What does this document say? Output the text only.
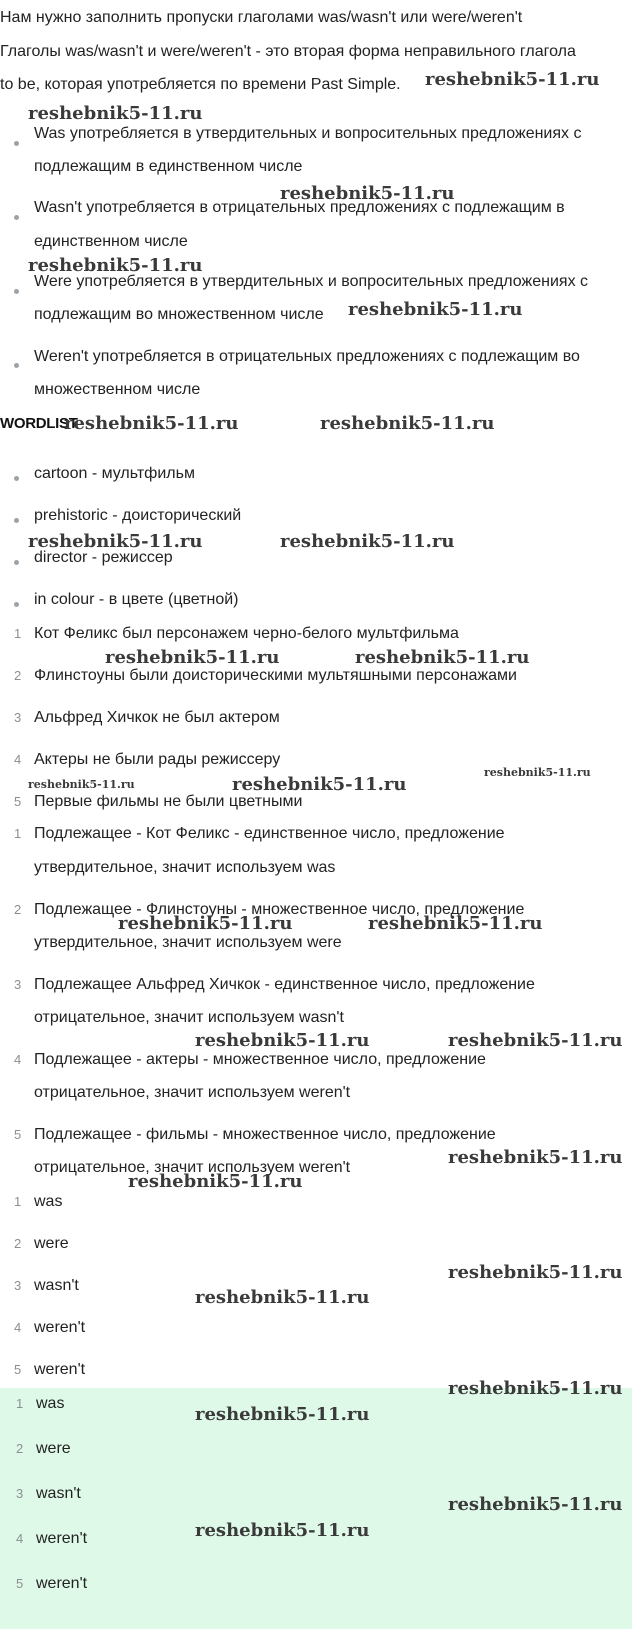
Нам нужно заполнить пропуски глаголами was/wasn't или were/weren't
Глаголы was/wasn't и were/weren't - это вторая форма неправильного глагола
to be, которая употребляется по времени Past Simple.
Was употребляется в утвердительных и вопросительных предложениях с
подлежащим в единственном числе
Wasn't употребляется в отрицательных предложениях с подлежащим в
единственном числе
Were употребляется в утвердительных и вопросительных предложениях с
подлежащим во множественном числе
Weren't употребляется в отрицательных предложениях с подлежащим во
множественном числе
WORDLIST
cartoon - мультфильм
prehistoric - доисторический
director - режиссер
in colour - в цвете (цветной)
1 Кот Феликс был персонажем черно-белого мультфильма
2 Флинстоуны были доисторическими мультяшными персонажами
3 Альфред Хичкок не был актером
4 Актеры не были рады режиссеру
5 Первые фильмы не были цветными
1 Подлежащее - Кот Феликс - единственное число, предложение
утвердительное, значит используем was
2 Подлежащее - Флинстоуны - множественное число, предложение
утвердительное, значит используем were
3 Подлежащее Альфред Хичкок - единственное число, предложение
отрицательное, значит используем wasn't
4 Подлежащее - актеры - множественное число, предложение
отрицательное, значит используем weren't
5 Подлежащее - фильмы - множественное число, предложение
отрицательное, значит используем weren't
1 was
2 were
3 wasn't
4 weren't
5 weren't
1 was
2 were
3 wasn't
4 weren't
5 weren't
reshebnik5-11.ru
reshebnik5-11.ru
reshebnik5-11.ru
reshebnik5-11.ru
reshebnik5-11.ru
reshebnik5-11.ru	reshebnik5-11.ru
reshebnik5-11.ru	reshebnik5-11.ru
reshebnik5-11.ru	reshebnik5-11.ru
reshebnik5-11.ru	reshebnik5-11.ru
reshebnik5-11.ru
reshebnik5-11.ru	reshebnik5-11.ru
reshebnik5-11.ru	reshebnik5-11.ru
reshebnik5-11.ru
reshebnik5-11.ru
reshebnik5-11.ru
reshebnik5-11.ru
reshebnik5-11.ru
reshebnik5-11.ru
reshebnik5-11.ru
reshebnik5-11.ru
